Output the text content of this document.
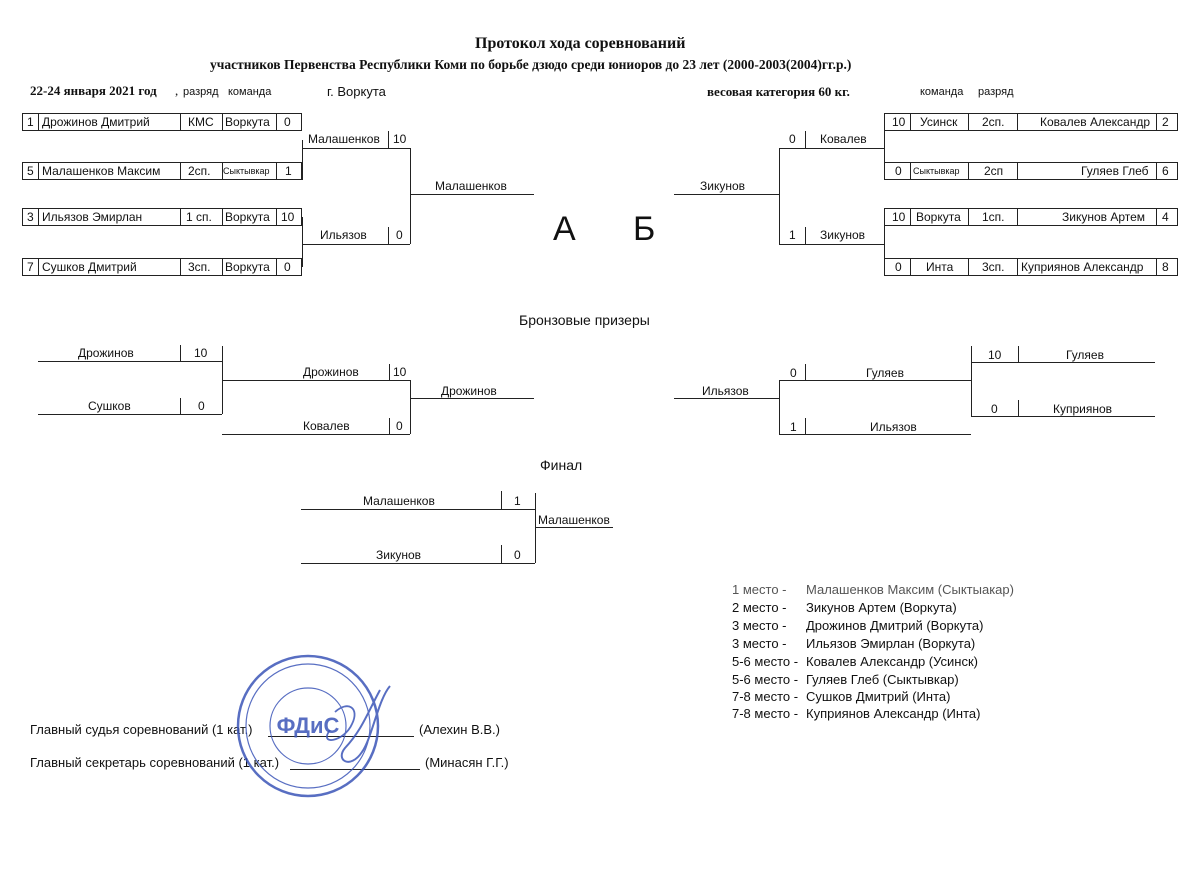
Протокол хода соревнований
участников Первенства Республики Коми по борьбе дзюдо среди юниоров до 23 лет (2000-2003(2004)гг.р.)
22-24 января 2021 год , разряд команда	г. Воркута	весовая категория 60 кг.	команда разряд
1 Дрожинов Дмитрий	КМС Воркута 0
5 Малашенков Максим 2сп. Сыктывкар 1
3 Ильязов Эмирлан	1 сп. Воркута 10
7 Сушков Дмитрий	3сп. Воркута 0
Малашенков 10
Ильязов 0
Малашенков
А Б
10 Усинск 2сп.	Ковалев Александр 2
0 Сыктывкар 2сп	Гуляев Глеб 6
10 Воркута 1сп.	Зикунов Артем 4
0 Инта 3сп. Куприянов Александр 8
0 Ковалев
1 Зикунов
Зикунов
Бронзовые призеры
Дрожинов	10
Сушков	0
Дрожинов	10
Ковалев	0
Дрожинов
10	Гуляев
0	Куприянов
0	Гуляев
1	Ильязов
Ильязов
Финал
Малашенков	1
Зикунов	0
Малашенков
1 место - Малашенков Максим (Сыктыакар)
2 место - Зикунов Артем (Воркута)
3 место - Дрожинов Дмитрий (Воркута)
3 место - Ильязов Эмирлан (Воркута)
5-6 место - Ковалев Александр (Усинск)
5-6 место - Гуляев Глеб (Сыктывкар)
7-8 место - Сушков Дмитрий (Инта)
7-8 место - Куприянов Александр (Инта)
Главный судья соревнований (1 кат.)	(Алехин В.В.)
Главный секретарь соревнований (1 кат.)	(Минасян Г.Г.)
ФДиС
